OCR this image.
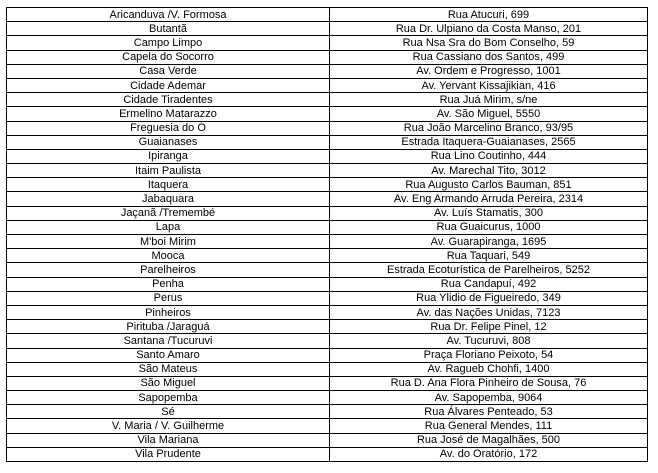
Aricanduva /V. Formosa	Rua Atucuri, 699
Butantã	Rua Dr. Ulpiano da Costa Manso, 201
Campo Limpo	Rua Nsa Sra do Bom Conselho, 59
Capela do Socorro	Rua Cassiano dos Santos, 499
Casa Verde	Av. Ordem e Progresso, 1001
Cidade Ademar	Av. Yervant Kissajikian, 416
Cidade Tiradentes	Rua Juá Mirim, s/ne
Ermelino Matarazzo	Av. São Miguel, 5550
Freguesia do Ó	Rua João Marcelino Branco, 93/95
Guaianases	Estrada Itaquera-Guaianases, 2565
Ipiranga	Rua Lino Coutinho, 444
Itaim Paulista	Av. Marechal Tito, 3012
Itaquera	Rua Augusto Carlos Bauman, 851
Jabaquara	Av. Eng Armando Arruda Pereira, 2314
Jaçanã /Tremembé	Av. Luís Stamatis, 300
Lapa	Rua Guaicurus, 1000
M'boi Mirim	Av. Guarapiranga, 1695
Mooca	Rua Taquari, 549
Parelheiros	Estrada Ecoturística de Parelheiros, 5252
Penha	Rua Candapuí, 492
Perus	Rua Ylidio de Figueiredo, 349
Pinheiros	Av. das Nações Unidas, 7123
Pirituba /Jaraguá	Rua Dr. Felipe Pinel, 12
Santana /Tucuruvi	Av. Tucuruvi, 808
Santo Amaro	Praça Floriano Peixoto, 54
São Mateus	Av. Ragueb Chohfi, 1400
São Miguel	Rua D. Ana Flora Pinheiro de Sousa, 76
Sapopemba	Av. Sapopemba, 9064
Sé	Rua Álvares Penteado, 53
V. Maria / V. Guilherme	Rua General Mendes, 111
Vila Mariana	Rua José de Magalhães, 500
Vila Prudente	Av. do Oratório, 172
